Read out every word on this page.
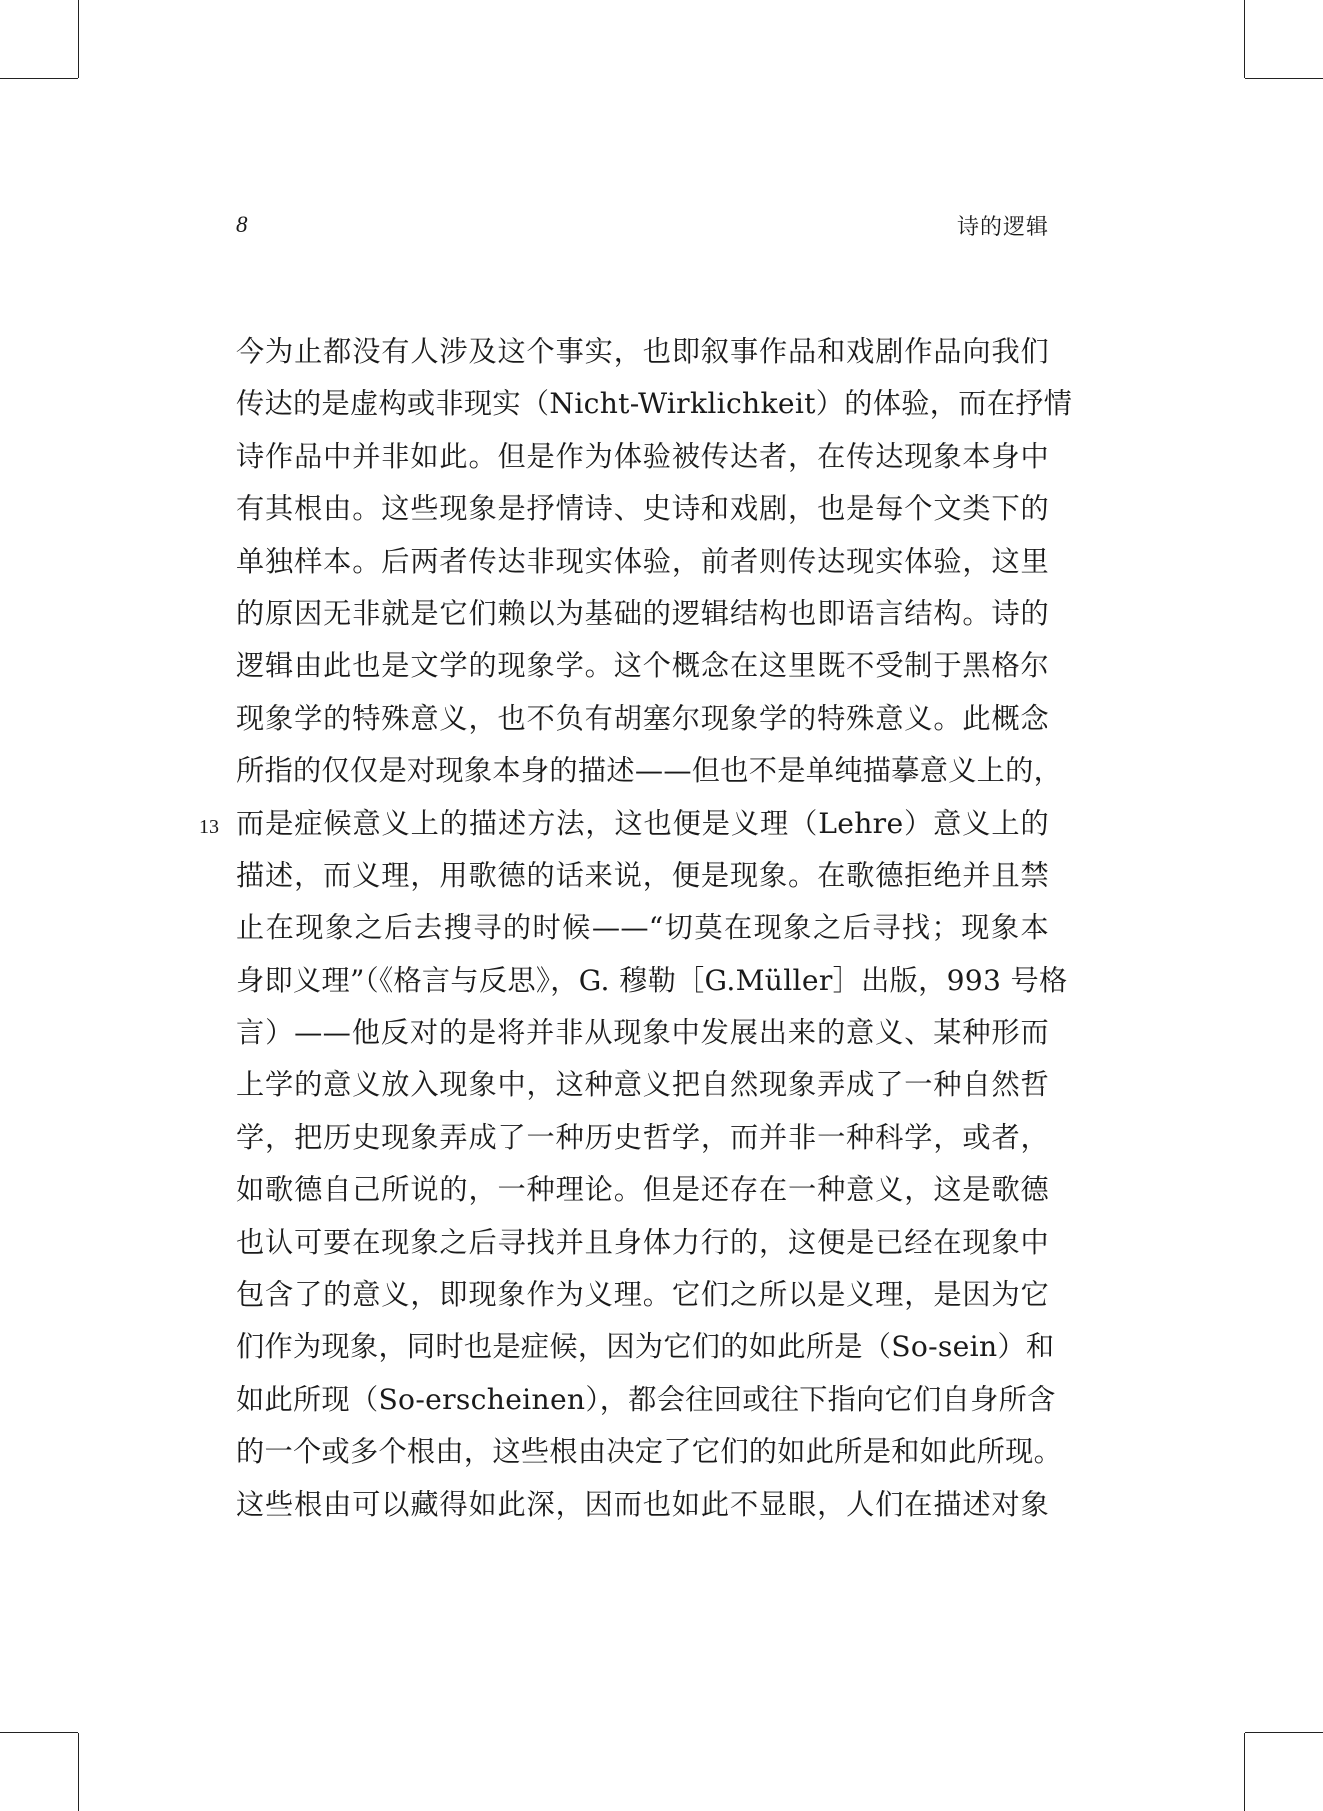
8	诗的逻辑
13
今为止都没有人涉及这个事实，也即叙事作品和戏剧作品向我们
传达的是虚构或非现实（Nicht-Wirklichkeit）的体验，而在抒情
诗作品中并非如此。但是作为体验被传达者，在传达现象本身中
有其根由。这些现象是抒情诗、史诗和戏剧，也是每个文类下的
单独样本。后两者传达非现实体验，前者则传达现实体验，这里
的原因无非就是它们赖以为基础的逻辑结构也即语言结构。诗的
逻辑由此也是文学的现象学。这个概念在这里既不受制于黑格尔
现象学的特殊意义，也不负有胡塞尔现象学的特殊意义。此概念
所指的仅仅是对现象本身的描述——但也不是单纯描摹意义上的，
而是症候意义上的描述方法，这也便是义理（Lehre）意义上的
描述，而义理，用歌德的话来说，便是现象。在歌德拒绝并且禁
止在现象之后去搜寻的时候——“切莫在现象之后寻找；现象本
身即义理”（《格言与反思》，G. 穆勒［G.Müller］出版，993 号格
言）——他反对的是将并非从现象中发展出来的意义、某种形而
上学的意义放入现象中，这种意义把自然现象弄成了一种自然哲
学，把历史现象弄成了一种历史哲学，而并非一种科学，或者，
如歌德自己所说的，一种理论。但是还存在一种意义，这是歌德
也认可要在现象之后寻找并且身体力行的，这便是已经在现象中
包含了的意义，即现象作为义理。它们之所以是义理，是因为它
们作为现象，同时也是症候，因为它们的如此所是（So-sein）和
如此所现（So-erscheinen），都会往回或往下指向它们自身所含
的一个或多个根由，这些根由决定了它们的如此所是和如此所现。
这些根由可以藏得如此深，因而也如此不显眼，人们在描述对象
